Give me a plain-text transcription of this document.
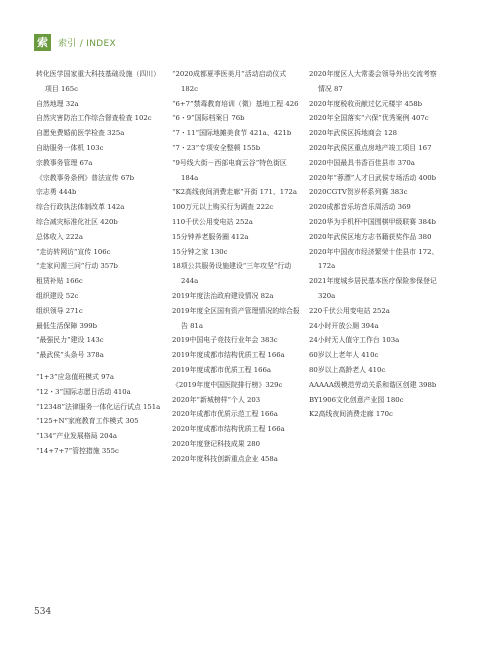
索	索引 / INDEX

转化医学国家重大科技基础设施（四川）项目 165c

自然地理 32a

自然灾害防治工作综合督查检查 102c

自愿免费婚前医学检查 325a

自助服务一体机 103c

宗教事务管理 67a

《宗教事务条例》普法宣传 67b

宗志勇 444b

综合行政执法体制改革 142a

综合减灾标准化社区 420b

总体收入 222a

“走访转网访”宣传 106c

“走家问需三问”行动 357b

租赁补贴 166c

组织建设 52c

组织领导 271c

最低生活保障 399b

“最强民力”建设 143c

“最武侯”头条号 378a

“1+3”应急值班模式 97a

“12・3”国际志愿日活动 410a

“12348”法律服务一体化运行试点 151a

“125+N”家庭教育工作模式 305

“134”产业发展格局 204a

“14+7+7”管控措施 355c

“2020成都夏季医美月”活动启动仪式 182c

“6+7”禁毒教育培训（微）基地工程 426

“6・9”国际档案日 76b

“7・11”国际地摊美食节 421a、421b

“7・23”专项安全整顿 155b

“9号线大街－西部电商云谷”特色街区 184a

“K2高线夜间消费走廊”开街 171、172a

100万元以上购买行为调查 222c

110千伏公用变电站 252a

15分钟养老服务圈 412a

15分钟之家 130c

18项公共服务设施建设“三年攻坚”行动 244a

2019年度法治政府建设情况 82a

2019年度全区国有资产管理情况的综合报告 81a

2019中国电子竞技行业年会 383c

2019年度成都市结构优质工程 166a

2019年度成都市优质工程 166a

《2019年度中国医院排行榜》329c

2020年“新城榜样”个人 203

2020年成都市优质示范工程 166a

2020年度成都市结构优质工程 166a

2020年度登记科技成果 280

2020年度科技创新重点企业 458a

2020年度区人大常委会领导外出交流考察情况 87

2020年度税收贡献过亿元楼宇 458b

2020年全国落实“六保”优秀案例 407c

2020年武侯区拆地商会 128

2020年武侯区重点房地产竣工项目 167

2020中国最具书香百佳县市 370a

2020年“蓉漂”人才日武侯专场活动 400b

2020CGTV贺岁杯系列赛 383c

2020成都音乐坊音乐周活动 369

2020华为手机杯中国围棋甲级联赛 384b

2020年武侯区地方志书籍获奖作品 380

2020年中国夜市经济繁荣十佳县市 172、172a

2021年度城乡居民基本医疗保险参保登记 320a

220千伏公用变电站 252a

24小时开放公厕 394a

24小时无人值守工作台 103a

60岁以上老年人 410c

80岁以上高龄老人 410c

AAAAA级模范劳动关系和谐区创建 398b

BY1906文化创意产业园 180c

K2高线夜间消费走廊 170c

534
